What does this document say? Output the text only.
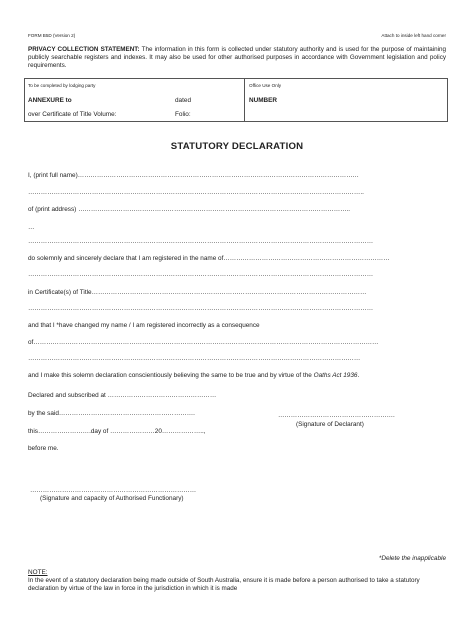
FORM B5D (Version 2)	Attach to inside left hand corner
PRIVACY COLLECTION STATEMENT: The information in this form is collected under statutory authority and is used for the purpose of maintaining publicly searchable registers and indexes. It may also be used for other authorised purposes in accordance with Government legislation and policy requirements.
To be completed by lodging party	Office Use Only
ANNEXURE to	dated	NUMBER
over Certificate of Title Volume:	Folio:
STATUTORY DECLARATION
I, (print full name)……………………………………………………………………………………………………………………
…………………………………………………………………………………………………………………………………………..
of (print address) ………………………………………………………………………………………………………………..
…
………………………………………………………………………………………………………………………………………………
do solemnly and sincerely declare that I am registered in the name of……………………………………………………………………
………………………………………………………………………………………………………………………………………………
in Certificate(s) of Title…………………………………………………………………………………………………………………
………………………………………………………………………………………………………………………………………………
and that I *have changed my name / I am registered incorrectly as a consequence
of………………………………………………………………………………………………………………………………………………
…………………………………………………………………………………………………………………………………………
and I make this solemn declaration conscientiously believing the same to be true and by virtue of the Oaths Act 1936.
Declared and subscribed at ……………………………………………
by the said……………………………………………………….
this…………………….day of …………………20………………..,
before me.
……………………………………………….
(Signature of Declarant)
……………………………………………………………………
(Signature and capacity of Authorised Functionary)
*Delete the inapplicable
NOTE:
In the event of a statutory declaration being made outside of South Australia, ensure it is made before a person authorised to take a statutory declaration by virtue of the law in force in the jurisdiction in which it is made
